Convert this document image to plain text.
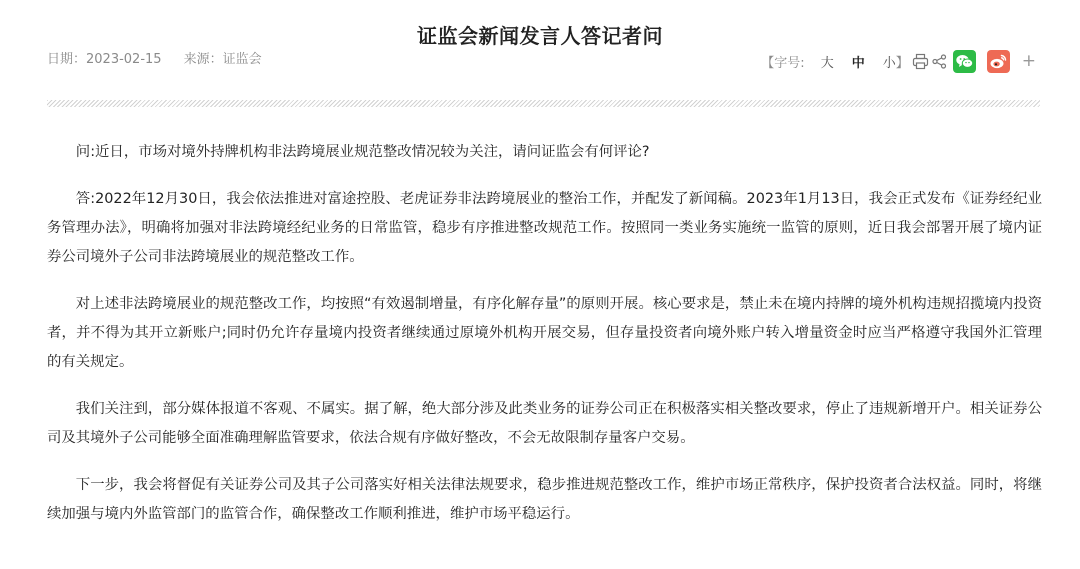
证监会新闻发言人答记者问
日期：2023-02-15 来源：证监会	【字号: 大 中 小 】	+

问:近日，市场对境外持牌机构非法跨境展业规范整改情况较为关注，请问证监会有何评论?

答:2022年12月30日，我会依法推进对富途控股、老虎证券非法跨境展业的整治工作，并配发了新闻稿。2023年1月13日，我会正式发布《证券经纪业务管理办法》，明确将加强对非法跨境经纪业务的日常监管，稳步有序推进整改规范工作。按照同一类业务实施统一监管的原则，近日我会部署开展了境内证券公司境外子公司非法跨境展业的规范整改工作。

对上述非法跨境展业的规范整改工作，均按照“有效遏制增量，有序化解存量”的原则开展。核心要求是，禁止未在境内持牌的境外机构违规招揽境内投资者，并不得为其开立新账户;同时仍允许存量境内投资者继续通过原境外机构开展交易，但存量投资者向境外账户转入增量资金时应当严格遵守我国外汇管理的有关规定。

我们关注到，部分媒体报道不客观、不属实。据了解，绝大部分涉及此类业务的证券公司正在积极落实相关整改要求，停止了违规新增开户。相关证券公司及其境外子公司能够全面准确理解监管要求，依法合规有序做好整改，不会无故限制存量客户交易。

下一步，我会将督促有关证券公司及其子公司落实好相关法律法规要求，稳步推进规范整改工作，维护市场正常秩序，保护投资者合法权益。同时，将继续加强与境内外监管部门的监管合作，确保整改工作顺利推进，维护市场平稳运行。
